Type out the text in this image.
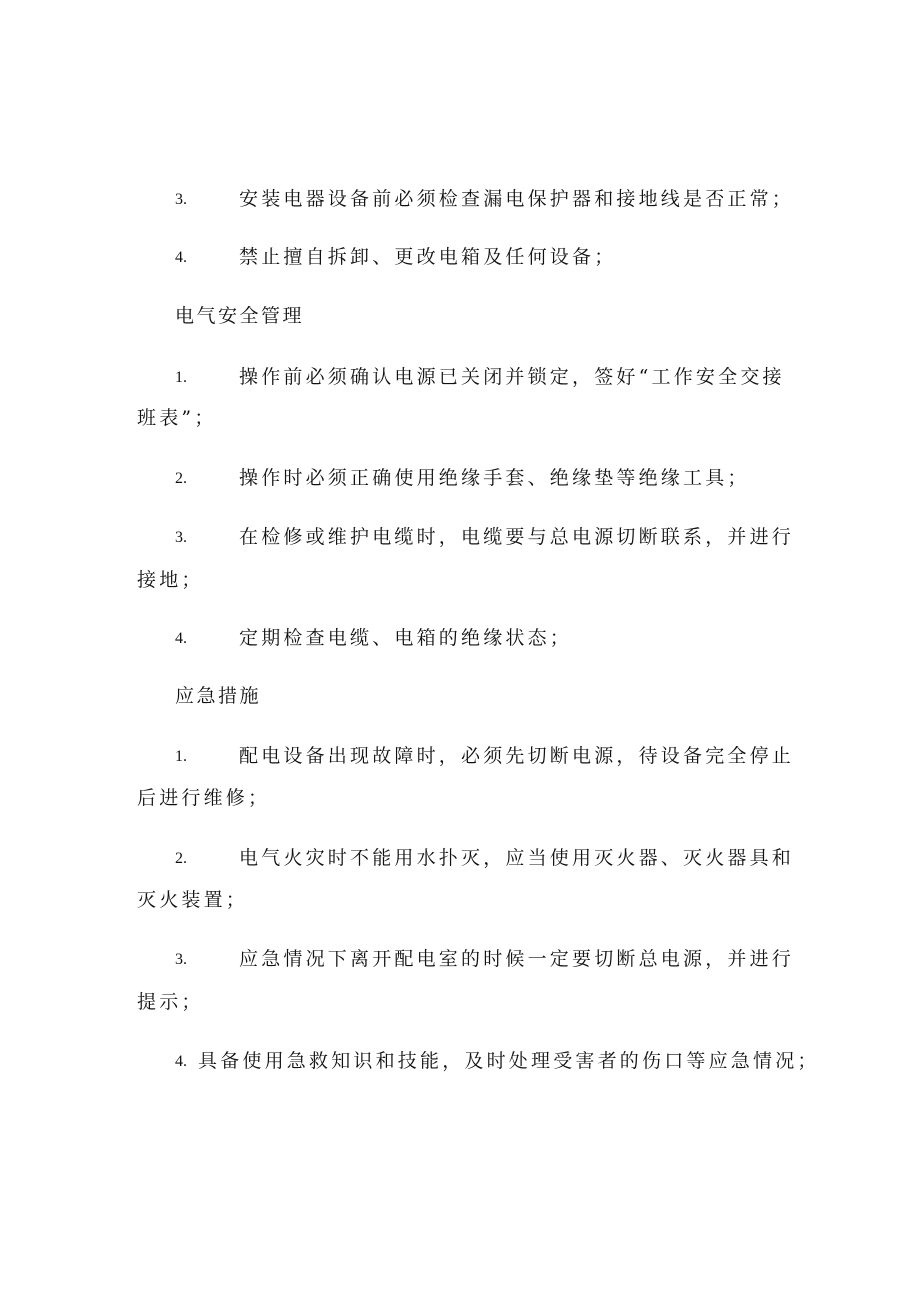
3.	安装电器设备前必须检查漏电保护器和接地线是否正常；
4.	禁止擅自拆卸、更改电箱及任何设备；
电气安全管理
1.	操作前必须确认电源已关闭并锁定，签好“工作安全交接
班表”；
2.	操作时必须正确使用绝缘手套、绝缘垫等绝缘工具；
3.	在检修或维护电缆时，电缆要与总电源切断联系，并进行
接地；
4.	定期检查电缆、电箱的绝缘状态；
应急措施
1.	配电设备出现故障时，必须先切断电源，待设备完全停止
后进行维修；
2.	电气火灾时不能用水扑灭，应当使用灭火器、灭火器具和
灭火装置；
3.	应急情况下离开配电室的时候一定要切断总电源，并进行
提示；
4. 具备使用急救知识和技能，及时处理受害者的伤口等应急情况；
